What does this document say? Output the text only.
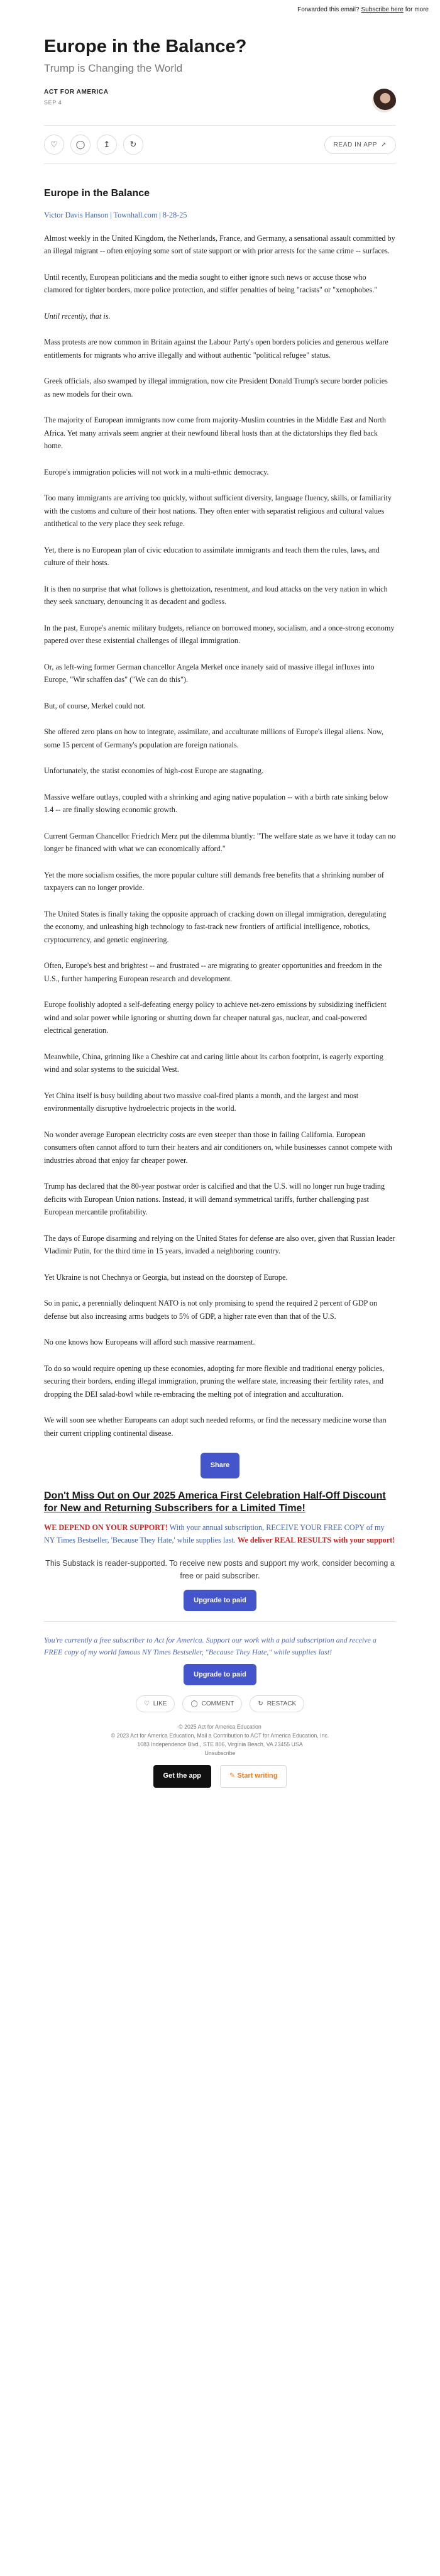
Forwarded this email? Subscribe here for more
Europe in the Balance?
Trump is Changing the World
ACT FOR AMERICA
SEP 4
♡ ◯ ↥ ↻	READ IN APP ↗
Europe in the Balance
Victor Davis Hanson | Townhall.com | 8-28-25

Almost weekly in the United Kingdom, the Netherlands, France, and Germany, a sensational assault committed by an illegal migrant -- often enjoying some sort of state support or with prior arrests for the same crime -- surfaces.

Until recently, European politicians and the media sought to either ignore such news or accuse those who clamored for tighter borders, more police protection, and stiffer penalties of being "racists" or "xenophobes."

Until recently, that is.

Mass protests are now common in Britain against the Labour Party's open borders policies and generous welfare entitlements for migrants who arrive illegally and without authentic "political refugee" status.

Greek officials, also swamped by illegal immigration, now cite President Donald Trump's secure border policies as new models for their own.

The majority of European immigrants now come from majority-Muslim countries in the Middle East and North Africa. Yet many arrivals seem angrier at their newfound liberal hosts than at the dictatorships they fled back home.

Europe's immigration policies will not work in a multi-ethnic democracy.

Too many immigrants are arriving too quickly, without sufficient diversity, language fluency, skills, or familiarity with the customs and culture of their host nations. They often enter with separatist religious and cultural values antithetical to the very place they seek refuge.

Yet, there is no European plan of civic education to assimilate immigrants and teach them the rules, laws, and culture of their hosts.

It is then no surprise that what follows is ghettoization, resentment, and loud attacks on the very nation in which they seek sanctuary, denouncing it as decadent and godless.

In the past, Europe's anemic military budgets, reliance on borrowed money, socialism, and a once-strong economy papered over these existential challenges of illegal immigration.

Or, as left-wing former German chancellor Angela Merkel once inanely said of massive illegal influxes into Europe, "Wir schaffen das" ("We can do this").

But, of course, Merkel could not.

She offered zero plans on how to integrate, assimilate, and acculturate millions of Europe's illegal aliens. Now, some 15 percent of Germany's population are foreign nationals.

Unfortunately, the statist economies of high-cost Europe are stagnating.

Massive welfare outlays, coupled with a shrinking and aging native population -- with a birth rate sinking below 1.4 -- are finally slowing economic growth.

Current German Chancellor Friedrich Merz put the dilemma bluntly: "The welfare state as we have it today can no longer be financed with what we can economically afford."

Yet the more socialism ossifies, the more popular culture still demands free benefits that a shrinking number of taxpayers can no longer provide.

The United States is finally taking the opposite approach of cracking down on illegal immigration, deregulating the economy, and unleashing high technology to fast-track new frontiers of artificial intelligence, robotics, cryptocurrency, and genetic engineering.

Often, Europe's best and brightest -- and frustrated -- are migrating to greater opportunities and freedom in the U.S., further hampering European research and development.

Europe foolishly adopted a self-defeating energy policy to achieve net-zero emissions by subsidizing inefficient wind and solar power while ignoring or shutting down far cheaper natural gas, nuclear, and coal-powered electrical generation.

Meanwhile, China, grinning like a Cheshire cat and caring little about its carbon footprint, is eagerly exporting wind and solar systems to the suicidal West.

Yet China itself is busy building about two massive coal-fired plants a month, and the largest and most environmentally disruptive hydroelectric projects in the world.

No wonder average European electricity costs are even steeper than those in failing California. European consumers often cannot afford to turn their heaters and air conditioners on, while businesses cannot compete with industries abroad that enjoy far cheaper power.

Trump has declared that the 80-year postwar order is calcified and that the U.S. will no longer run huge trading deficits with European Union nations. Instead, it will demand symmetrical tariffs, further challenging past European mercantile profitability.

The days of Europe disarming and relying on the United States for defense are also over, given that Russian leader Vladimir Putin, for the third time in 15 years, invaded a neighboring country.

Yet Ukraine is not Chechnya or Georgia, but instead on the doorstep of Europe.

So in panic, a perennially delinquent NATO is not only promising to spend the required 2 percent of GDP on defense but also increasing arms budgets to 5% of GDP, a higher rate even than that of the U.S.

No one knows how Europeans will afford such massive rearmament.

To do so would require opening up these economies, adopting far more flexible and traditional energy policies, securing their borders, ending illegal immigration, pruning the welfare state, increasing their fertility rates, and dropping the DEI salad-bowl while re-embracing the melting pot of integration and acculturation.

We will soon see whether Europeans can adopt such needed reforms, or find the necessary medicine worse than their current crippling continental disease.

Share
Don't Miss Out on Our 2025 America First Celebration Half-Off Discount for New and Returning Subscribers for a Limited Time!

WE DEPEND ON YOUR SUPPORT! With your annual subscription, RECEIVE YOUR FREE COPY of my NY Times Bestseller, 'Because They Hate,' while supplies last. We deliver REAL RESULTS with your support!

This Substack is reader-supported. To receive new posts and support my work, consider becoming a free or paid subscriber.
Upgrade to paid
You're currently a free subscriber to Act for America. Support our work with a paid subscription and receive a FREE copy of my world famous NY Times Bestseller, "Because They Hate," while supplies last!
Upgrade to paid
♡ LIKE	◯ COMMENT	↻ RESTACK
© 2025 Act for America Education
© 2023 Act for America Education, Mail a Contribution to ACT for America Education, Inc.
1083 Independence Blvd., STE 806, Virginia Beach, VA 23455 USA
Unsubscribe
Get the app	✎ Start writing
